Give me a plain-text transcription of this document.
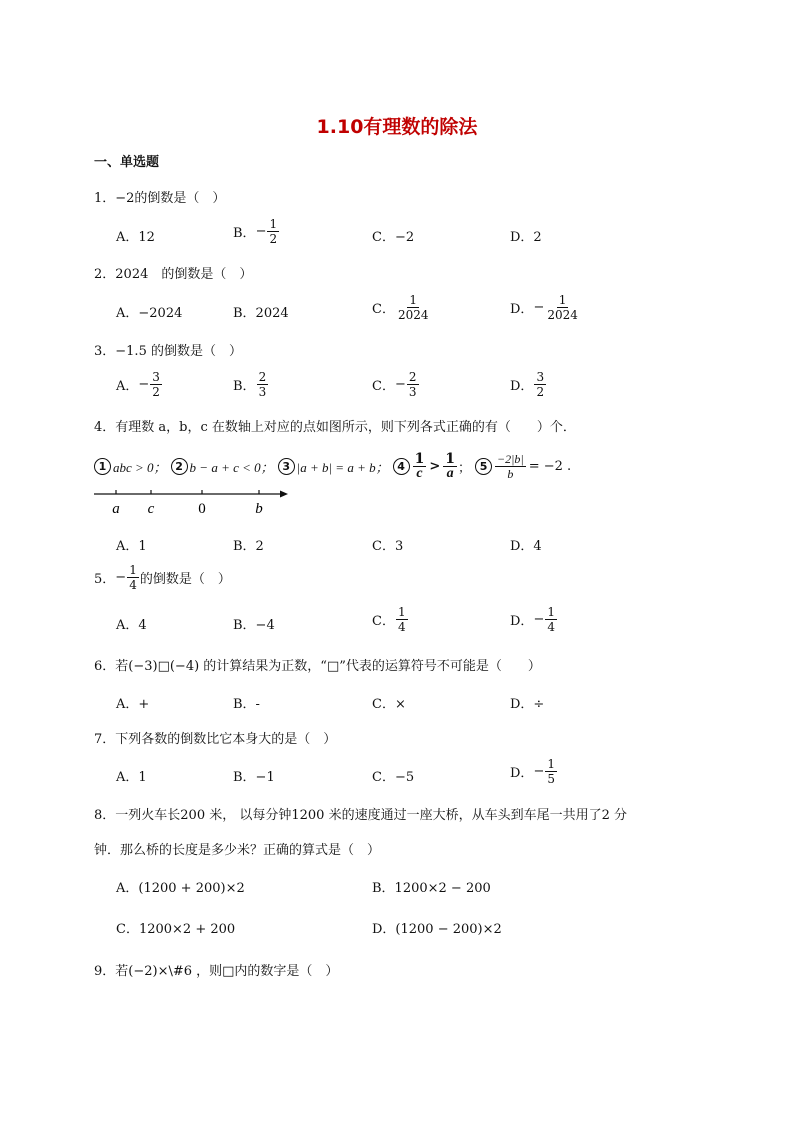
1.10有理数的除法
一、单选题
1．−2的倒数是（　）
A．12	B． − $\frac{1}{2}$	C．−2	D．2
2．2024　的倒数是（　）
A．−2024	B．2024	C． $\frac{1}{2024}$	D． − $\frac{1}{2024}$
3．−1.5 的倒数是（　）
A． − $\frac{3}{2}$	B． $\frac{2}{3}$	C． − $\frac{2}{3}$	D． $\frac{3}{2}$
4．有理数 a，b，c 在数轴上对应的点如图所示，则下列各式正确的有（　　）个．
1 abc > 0； 2 b − a + c < 0； 3 |a + b| = a + b； $4 \frac{1}{c} > \frac{1}{a}$ ； $5 \frac{-2|b|}{b} = -2$ .
a c	0	b
A．1	B．2	C．3	D．4
5． − $\frac{1}{4}$ 的倒数是（　）
A．4	B．−4	C． $\frac{1}{4}$	D． − $\frac{1}{4}$
6．若(−3)□(−4) 的计算结果为正数，“□”代表的运算符号不可能是（　　）
A．+	B．-	C．×	D．÷
7．下列各数的倒数比它本身大的是（　）
A．1	B．−1	C．−5	D． − $\frac{1}{5}$
8．一列火车长200 米， 以每分钟1200 米的速度通过一座大桥，从车头到车尾一共用了2 分
钟．那么桥的长度是多少米？正确的算式是（　）
A．(1200 + 200)×2	B．1200×2 − 200
C．1200×2 + 200	D．(1200 − 200)×2
9．若(−2)×\#6 ，则□内的数字是（　）
